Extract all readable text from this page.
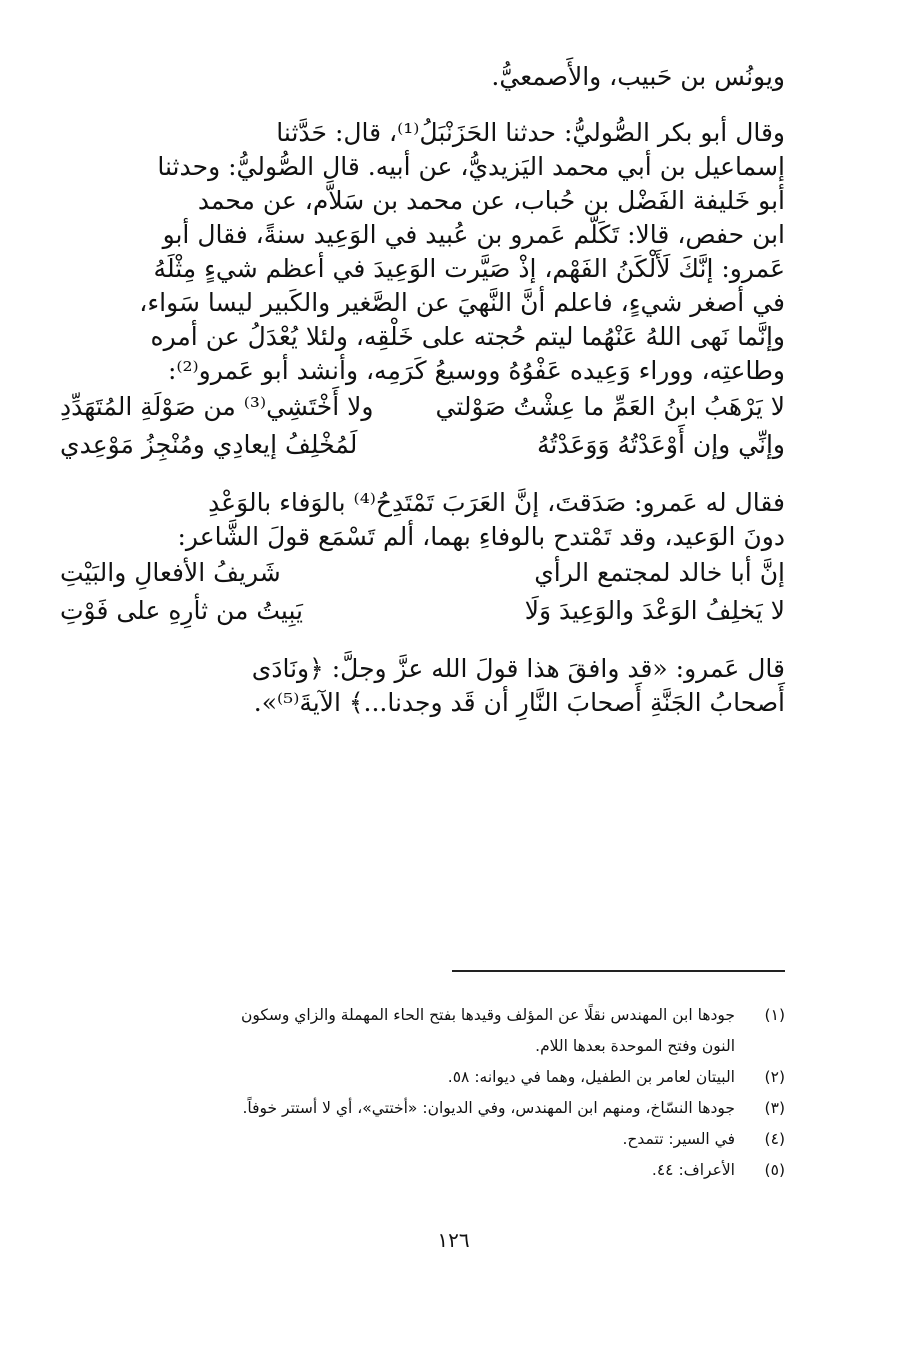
ويونُس بن حَبيب، والأَصمعيُّ.
وقال أبو بكر الصُّوليُّ: حدثنا الحَزَنْبَلُ⁽¹⁾، قال: حَدَّثنا
إسماعيل بن أبي محمد اليَزيديُّ، عن أبيه. قال الصُّوليُّ: وحدثنا
أبو خَليفة الفَضْل بن حُباب، عن محمد بن سَلاَّم، عن محمد
ابن حفص، قالا: تَكَلَّم عَمرو بن عُبيد في الوَعِيد سنةً، فقال أبو
عَمرو: إنَّكَ لَأَلْكَنُ الفَهْم، إذْ صَيَّرت الوَعِيدَ في أعظم شيءٍ مِثْلَهُ
في أصغر شيءٍ، فاعلم أنَّ النَّهيَ عن الصَّغير والكَبير ليسا سَواء،
وإنَّما نَهى اللهُ عَنْهُما ليتم حُجته على خَلْقِه، ولئلا يُعْدَلُ عن أمره
وطاعتِه، ووراء وَعِيده عَفْوُهُ ووسيعُ كَرَمِه، وأنشد أبو عَمرو⁽²⁾:
لا يَرْهَبُ ابنُ العَمِّ ما عِشْتُ صَوْلتي
ولا أَخْتَشِي⁽³⁾ من صَوْلَةِ المُتَهَدِّدِ
وإنِّي وإن أَوْعَدْتُهُ وَوَعَدْتُهُ
لَمُخْلِفُ إيعادِي ومُنْجِزُ مَوْعِدي
فقال له عَمرو: صَدَقتَ، إنَّ العَرَبَ تَمْتَدِحُ⁽⁴⁾ بالوَفاء بالوَعْدِ
دونَ الوَعيد، وقد تَمْتدح بالوفاءِ بهما، ألم تَسْمَع قولَ الشَّاعر:
إنَّ أبا خالد لمجتمع الرأي
شَريفُ الأفعالِ والبَيْتِ
لا يَخلِفُ الوَعْدَ والوَعِيدَ وَلَا
يَبِيتُ من ثأرِهِ على فَوْتِ
قال عَمرو: «قد وافقَ هذا قولَ الله عزَّ وجلَّ: ﴿ونَادَى
أَصحابُ الجَنَّةِ أَصحابَ النَّارِ أن قَد وجدنا...﴾ الآيةَ⁽⁵⁾».
(١)
جودها ابن المهندس نقلًا عن المؤلف وقيدها بفتح الحاء المهملة والزاي وسكون
النون وفتح الموحدة بعدها اللام.
(٢)
البيتان لعامر بن الطفيل، وهما في ديوانه: ٥٨.
(٣)
جودها النسّاخ، ومنهم ابن المهندس، وفي الديوان: «أختتي»، أي لا أستتر خوفاً.
(٤)
في السير: تتمدح.
(٥)
الأعراف: ٤٤.
١٢٦
